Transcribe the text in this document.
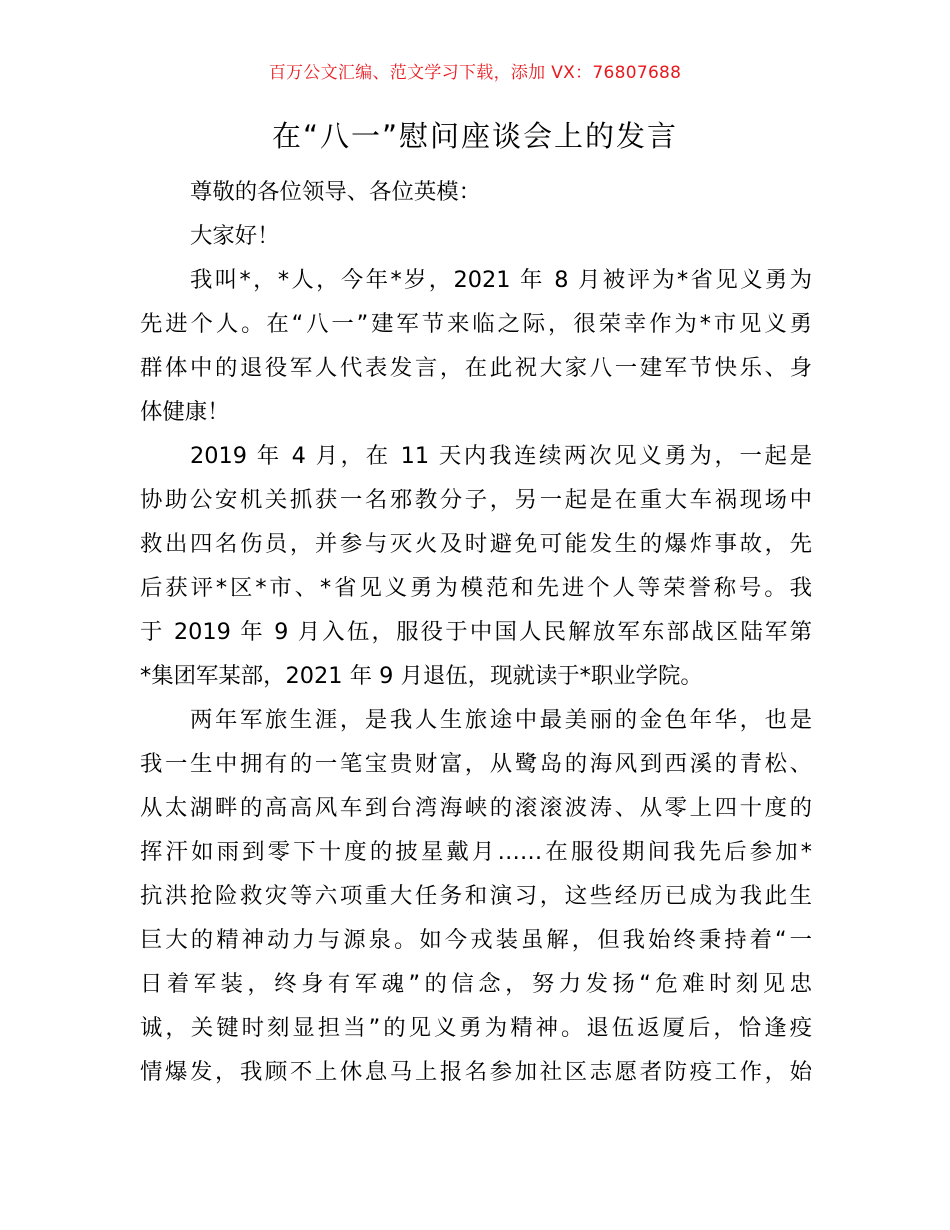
百万公文汇编、范文学习下载，添加 VX：76807688
在“八一”慰问座谈会上的发言
尊敬的各位领导、各位英模：
大家好！
我叫*，*人，今年*岁，2021 年 8 月被评为*省见义勇为
先进个人。在“八一”建军节来临之际，很荣幸作为*市见义勇
群体中的退役军人代表发言，在此祝大家八一建军节快乐、身
体健康！
2019 年 4 月，在 11 天内我连续两次见义勇为，一起是
协助公安机关抓获一名邪教分子，另一起是在重大车祸现场中
救出四名伤员，并参与灭火及时避免可能发生的爆炸事故，先
后获评*区*市、*省见义勇为模范和先进个人等荣誉称号。我
于 2019 年 9 月入伍，服役于中国人民解放军东部战区陆军第
*集团军某部，2021 年 9 月退伍，现就读于*职业学院。
两年军旅生涯，是我人生旅途中最美丽的金色年华，也是
我一生中拥有的一笔宝贵财富，从鹭岛的海风到西溪的青松、
从太湖畔的高高风车到台湾海峡的滚滚波涛、从零上四十度的
挥汗如雨到零下十度的披星戴月……在服役期间我先后参加*
抗洪抢险救灾等六项重大任务和演习，这些经历已成为我此生
巨大的精神动力与源泉。如今戎装虽解，但我始终秉持着“一
日着军装，终身有军魂”的信念，努力发扬“危难时刻见忠
诚，关键时刻显担当”的见义勇为精神。退伍返厦后，恰逢疫
情爆发，我顾不上休息马上报名参加社区志愿者防疫工作，始
